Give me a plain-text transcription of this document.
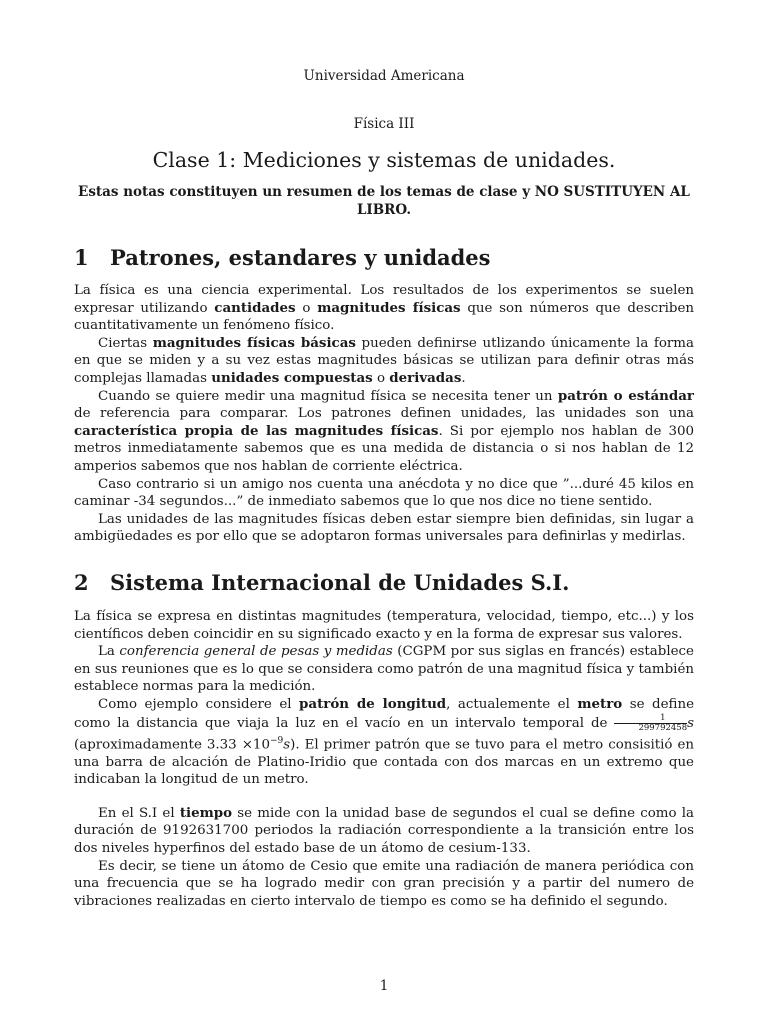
Universidad Americana
Física III
Clase 1: Mediciones y sistemas de unidades.
Estas notas constituyen un resumen de los temas de clase y NO SUSTITUYEN AL LIBRO.
1 Patrones, estandares y unidades

La física es una ciencia experimental. Los resultados de los experimentos se suelen expresar utilizando cantidades o magnitudes físicas que son números que describen cuantitativamente un fenómeno físico.

Ciertas magnitudes físicas básicas pueden definirse utlizando únicamente la forma en que se miden y a su vez estas magnitudes básicas se utilizan para definir otras más complejas llamadas unidades compuestas o derivadas.

Cuando se quiere medir una magnitud física se necesita tener un patrón o estándar de referencia para comparar. Los patrones definen unidades, las unidades son una característica propia de las magnitudes físicas. Si por ejemplo nos hablan de 300 metros inmediatamente sabemos que es una medida de distancia o si nos hablan de 12 amperios sabemos que nos hablan de corriente eléctrica.

Caso contrario si un amigo nos cuenta una anécdota y no dice que ”...duré 45 kilos en caminar -34 segundos...” de inmediato sabemos que lo que nos dice no tiene sentido.

Las unidades de las magnitudes físicas deben estar siempre bien definidas, sin lugar a ambigüedades es por ello que se adoptaron formas universales para definirlas y medirlas.

2 Sistema Internacional de Unidades S.I.

La física se expresa en distintas magnitudes (temperatura, velocidad, tiempo, etc...) y los científicos deben coincidir en su significado exacto y en la forma de expresar sus valores.

La conferencia general de pesas y medidas (CGPM por sus siglas en francés) establece en sus reuniones que es lo que se considera como patrón de una magnitud física y también establece normas para la medición.

Como ejemplo considere el patrón de longitud, actualemente el metro se define como la distancia que viaja la luz en el vacío en un intervalo temporal de $\frac{1}{299792458}$ s (aproximadamente $3.33 \times 10^{-9}s$). El primer patrón que se tuvo para el metro consisitió en una barra de alcación de Platino-Iridio que contada con dos marcas en un extremo que indicaban la longitud de un metro.

En el S.I el tiempo se mide con la unidad base de segundos el cual se define como la duración de 9192631700 periodos la radiación correspondiente a la transición entre los dos niveles hyperfinos del estado base de un átomo de cesium-133.

Es decir, se tiene un átomo de Cesio que emite una radiación de manera periódica con una frecuencia que se ha logrado medir con gran precisión y a partir del numero de vibraciones realizadas en cierto intervalo de tiempo es como se ha definido el segundo.

1
